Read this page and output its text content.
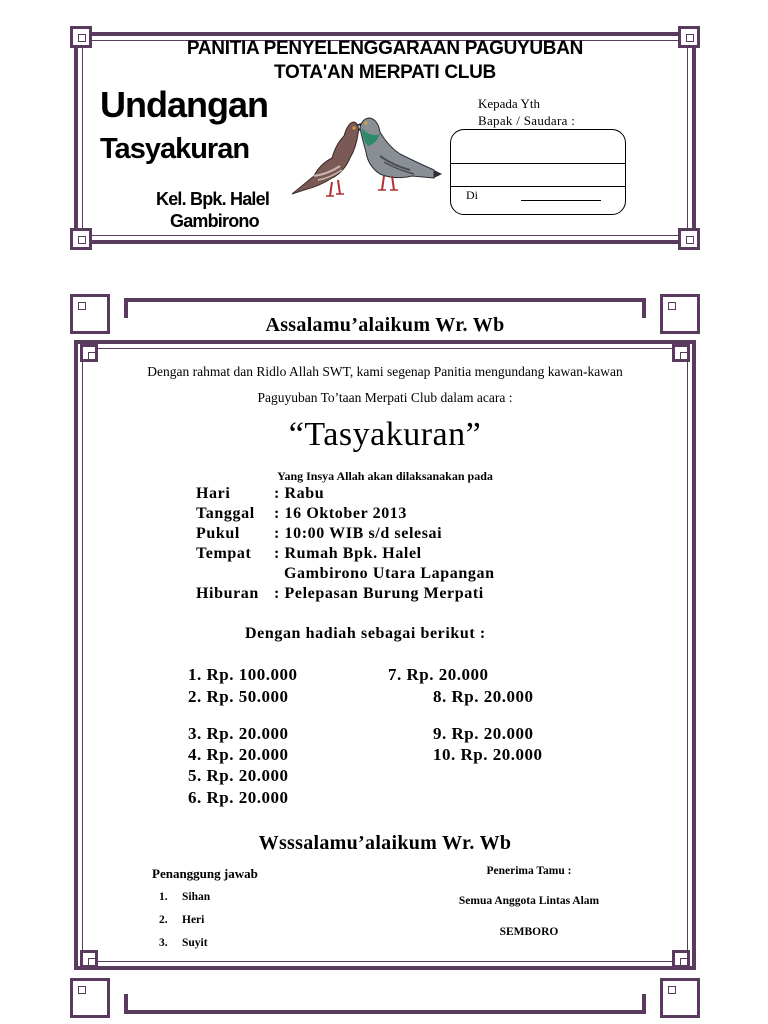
PANITIA PENYELENGGARAAN PAGUYUBAN
TOTA'AN MERPATI CLUB
Undangan
Tasyakuran
Kel. Bpk. Halel
Gambirono
Kepada Yth
Bapak / Saudara :
Di
Assalamu’alaikum Wr. Wb
Dengan rahmat dan Ridlo Allah SWT, kami segenap Panitia mengundang kawan-kawan
Paguyuban To’taan Merpati Club dalam acara :
“Tasyakuran”
Yang Insya Allah akan dilaksanakan pada
Hari	: Rabu
Tanggal : 16 Oktober 2013
Pukul : 10:00 WIB s/d selesai
Tempat : Rumah Bpk. Halel
Gambirono Utara Lapangan
Hiburan : Pelepasan Burung Merpati
Dengan hadiah sebagai berikut :
1. Rp. 100.000
2. Rp. 50.000
3. Rp. 20.000
4. Rp. 20.000
5. Rp. 20.000
6. Rp. 20.000
7. Rp. 20.000
8. Rp. 20.000
9. Rp. 20.000
10. Rp. 20.000
Wsssalamu’alaikum Wr. Wb
Penanggung jawab
1. Sihan
2. Heri
3. Suyit
Penerima Tamu :
Semua Anggota Lintas Alam
SEMBORO
